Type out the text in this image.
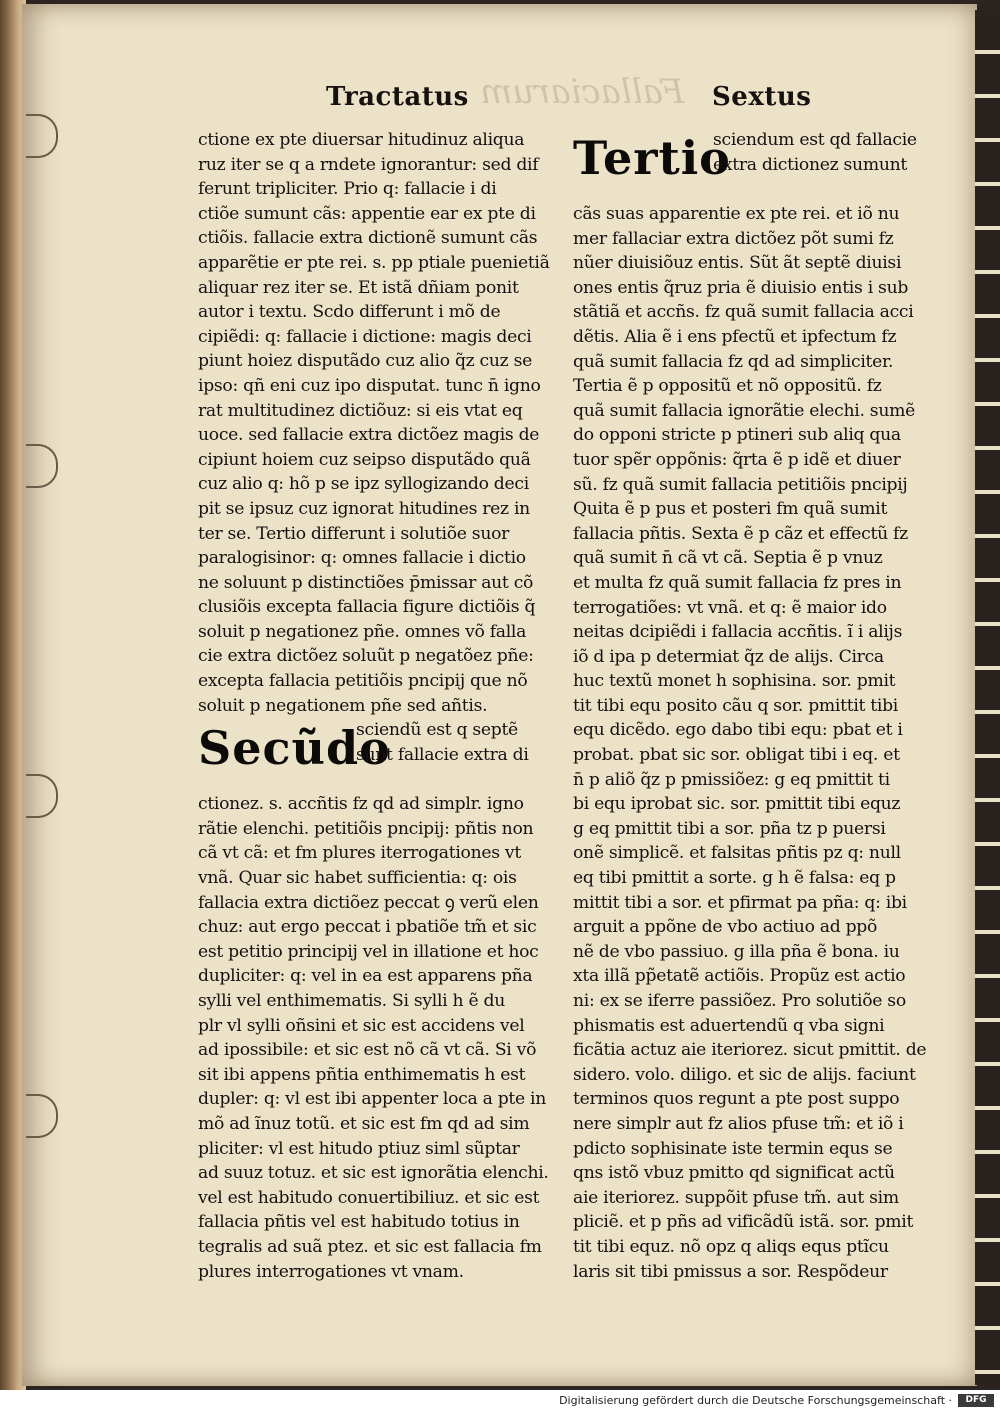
Fallaciarum
Tractatus	Sextus
ctione ex pte diuersar hitudinuz aliqua
ruz iter se q a rndete ignorantur: sed dif
ferunt tripliciter. Prio q: fallacie i di
ctiõe sumunt cãs: appentie ear ex pte di
ctiõis. fallacie extra dictionẽ sumunt cãs
apparẽtie er pte rei. s. pp ptiale puenietiã
aliquar rez iter se. Et istã dñiam ponit
autor i textu. Scdo differunt i mõ de
cipiẽdi: q: fallacie i dictione: magis deci
piunt hoiez disputãdo cuz alio q̃z cuz se
ipso: qñ eni cuz ipo disputat. tunc n̄ igno
rat multitudinez dictiõuz: si eis vtat eq
uoce. sed fallacie extra dictõez magis de
cipiunt hoiem cuz seipso disputãdo quã
cuz alio q: hõ p se ipz syllogizando deci
pit se ipsuz cuz ignorat hitudines rez in
ter se. Tertio differunt i solutiõe suor
paralogisinor: q: omnes fallacie i dictio
ne soluunt p distinctiões p̄missar aut cõ
clusiõis excepta fallacia figure dictiõis q̃
soluit p negationez pñe. omnes võ falla
cie extra dictõez soluũt p negatõez pñe:
excepta fallacia petitiõis pncipij que nõ
soluit p negationem pñe sed añtis.
Secũdo
sciendũ est q septẽ
sunt fallacie extra di
ctionez. s. accñtis fz qd ad simplr. igno
rãtie elenchi. petitiõis pncipij: pñtis non
cã vt cã: et fm plures iterrogationes vt
vnã. Quar sic habet sufficientia: q: ois
fallacia extra dictiõez peccat ꝯ verũ elen
chuz: aut ergo peccat i pbatiõe tm̃ et sic
est petitio principij vel in illatione et hoc
dupliciter: q: vel in ea est apparens pña
sylli vel enthimematis. Si sylli h ẽ du
plr vl sylli oñsini et sic est accidens vel
ad ipossibile: et sic est nõ cã vt cã. Si võ
sit ibi appens pñtia enthimematis h est
dupler: q: vl est ibi appenter loca a pte in
mõ ad ĩnuz totũ. et sic est fm qd ad sim
pliciter: vl est hitudo ptiuz siml sũptar
ad suuz totuz. et sic est ignorãtia elenchi.
vel est habitudo conuertibiliuz. et sic est
fallacia pñtis vel est habitudo totius in
tegralis ad suã ptez. et sic est fallacia fm
plures interrogationes vt vnam.
Tertio
sciendum est qd fallacie
extra dictionez sumunt
cãs suas apparentie ex pte rei. et iõ nu
mer fallaciar extra dictõez põt sumi fz
nũer diuisiõuz entis. Sũt ãt septẽ diuisi
ones entis q̃ruz pria ẽ diuisio entis i sub
stãtiã et accñs. fz quã sumit fallacia acci
dẽtis. Alia ẽ i ens pfectũ et ipfectum fz
quã sumit fallacia fz qd ad simpliciter.
Tertia ẽ p oppositũ et nõ oppositũ. fz
quã sumit fallacia ignorãtie elechi. sumẽ
do opponi stricte p ptineri sub aliq qua
tuor spẽr oppõnis: q̃rta ẽ p idẽ et diuer
sũ. fz quã sumit fallacia petitiõis pncipij
Quita ẽ p pus et posteri fm quã sumit
fallacia pñtis. Sexta ẽ p cãz et effectũ fz
quã sumit n̄ cã vt cã. Septia ẽ p vnuz
et multa fz quã sumit fallacia fz pres in
terrogatiões: vt vnã. et q: ẽ maior ido
neitas dcipiẽdi i fallacia accñtis. ĩ i alijs
iõ d ipa p determiat q̃z de alijs. Circa
huc textũ monet h sophisina. sor. pmit
tit tibi equ posito cãu q sor. pmittit tibi
equ dicẽdo. ego dabo tibi equ: pbat et i
probat. pbat sic sor. obligat tibi i eq. et
n̄ p aliõ q̃z p pmissiõez: g eq pmittit ti
bi equ iprobat sic. sor. pmittit tibi equz
g eq pmittit tibi a sor. pña tz p puersi
onẽ simplicẽ. et falsitas pñtis pz q: null
eq tibi pmittit a sorte. g h ẽ falsa: eq p
mittit tibi a sor. et pfirmat pa pña: q: ibi
arguit a ppõne de vbo actiuo ad ppõ
nẽ de vbo passiuo. g illa pña ẽ bona. iu
xta illã pp̃etatẽ actiõis. Propũz est actio
ni: ex se iferre passiõez. Pro solutiõe so
phismatis est aduertendũ q vba signi
ficãtia actuz aie iteriorez. sicut pmittit. de
sidero. volo. diligo. et sic de alijs. faciunt
terminos quos regunt a pte post suppo
nere simplr aut fz alios pfuse tm̃: et iõ i
pdicto sophisinate iste termin equs se
qns istõ vbuz pmitto qd significat actũ
aie iteriorez. suppõit pfuse tm̃. aut sim
pliciẽ. et p pñs ad vificãdũ istã. sor. pmit
tit tibi equz. nõ opz q aliqs equs ptĩcu
laris sit tibi pmissus a sor. Respõdeur
Digitalisierung gefördert durch die Deutsche Forschungsgemeinschaft ·	DFG
